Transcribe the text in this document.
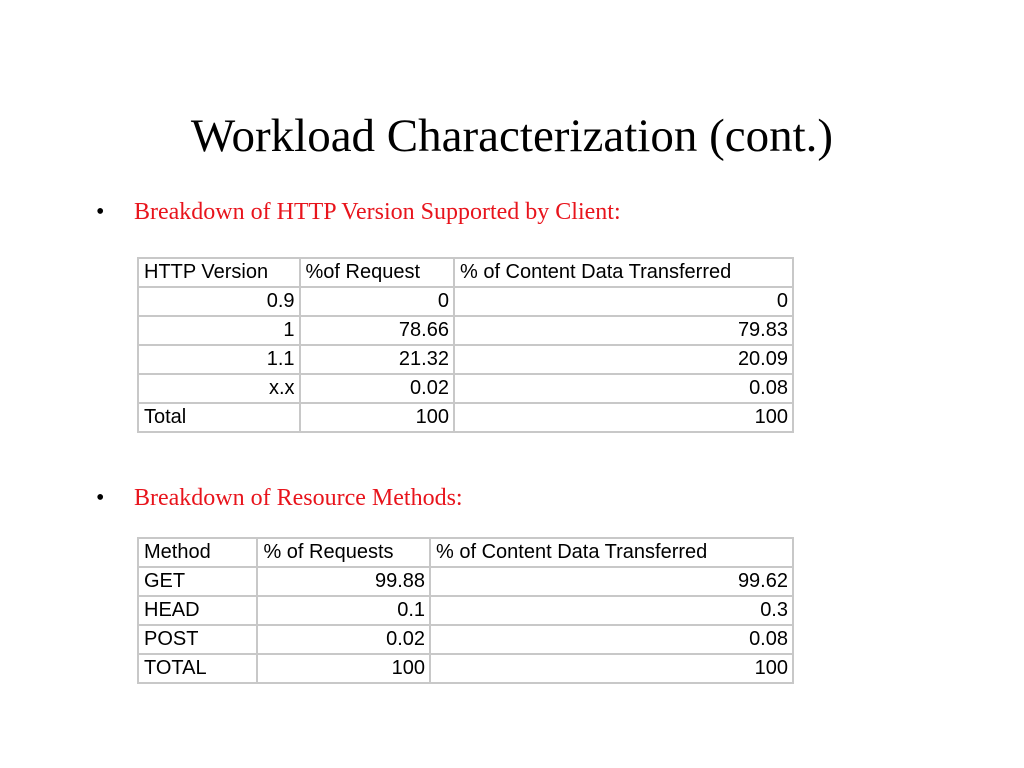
Workload Characterization (cont.)
• Breakdown of HTTP Version Supported by Client:
HTTP Version	%of Request	% of Content Data Transferred
0.9	0	0
1	78.66	79.83
1.1	21.32	20.09
x.x	0.02	0.08
Total	100	100
• Breakdown of Resource Methods:
Method	% of Requests	% of Content Data Transferred
GET	99.88	99.62
HEAD	0.1	0.3
POST	0.02	0.08
TOTAL	100	100
